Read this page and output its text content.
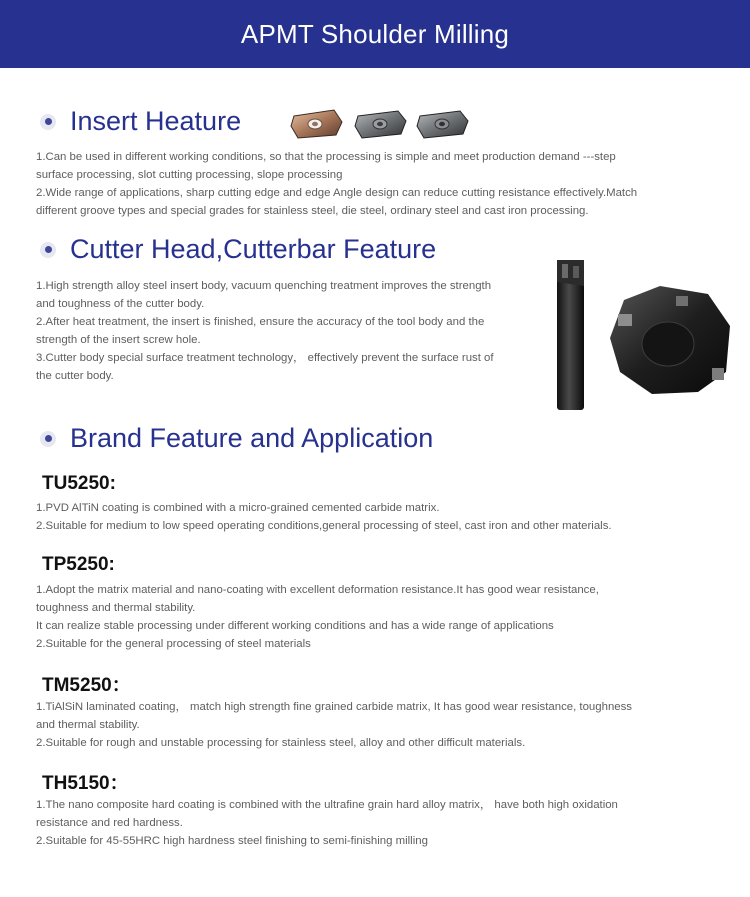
APMT Shoulder Milling
Insert Heature
1.Can be used in different working conditions, so that the processing is simple and meet production demand ---step
surface processing, slot cutting processing, slope processing
2.Wide range of applications, sharp cutting edge and edge Angle design can reduce cutting resistance effectively.Match
different groove types and special grades for stainless steel, die steel, ordinary steel and cast iron processing.
Cutter Head,Cutterbar Feature
1.High strength alloy steel insert body, vacuum quenching treatment improves the strength
and toughness of the cutter body.
2.After heat treatment, the insert is finished, ensure the accuracy of the tool body and the
strength of the insert screw hole.
3.Cutter body special surface treatment technology， effectively prevent the surface rust of
the cutter body.
Brand Feature and Application
TU5250:
1.PVD AlTiN coating is combined with a micro-grained cemented carbide matrix.
2.Suitable for medium to low speed operating conditions,general processing of steel, cast iron and other materials.
TP5250:
1.Adopt the matrix material and nano-coating with excellent deformation resistance.It has good wear resistance,
toughness and thermal stability.
It can realize stable processing under different working conditions and has a wide range of applications
2.Suitable for the general processing of steel materials
TM5250：
1.TiAlSiN laminated coating， match high strength fine grained carbide matrix, It has good wear resistance, toughness
and thermal stability.
2.Suitable for rough and unstable processing for stainless steel, alloy and other difficult materials.
TH5150：
1.The nano composite hard coating is combined with the ultrafine grain hard alloy matrix， have both high oxidation
resistance and red hardness.
2.Suitable for 45-55HRC high hardness steel finishing to semi-finishing milling
